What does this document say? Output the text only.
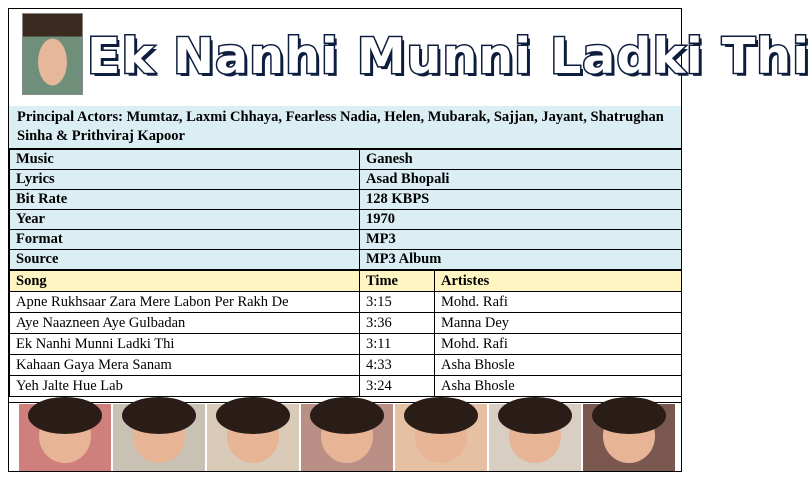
Ek Nanhi Munni Ladki Thi
Principal Actors: Mumtaz, Laxmi Chhaya, Fearless Nadia, Helen, Mubarak, Sajjan, Jayant, Shatrughan Sinha & Prithviraj Kapoor
Music	Ganesh
Lyrics	Asad Bhopali
Bit Rate	128 KBPS
Year	1970
Format	MP3
Source	MP3 Album
Song	Time	Artistes
Apne Rukhsaar Zara Mere Labon Per Rakh De	3:15	Mohd. Rafi
Aye Naazneen Aye Gulbadan	3:36	Manna Dey
Ek Nanhi Munni Ladki Thi	3:11	Mohd. Rafi
Kahaan Gaya Mera Sanam	4:33	Asha Bhosle
Yeh Jalte Hue Lab	3:24	Asha Bhosle
